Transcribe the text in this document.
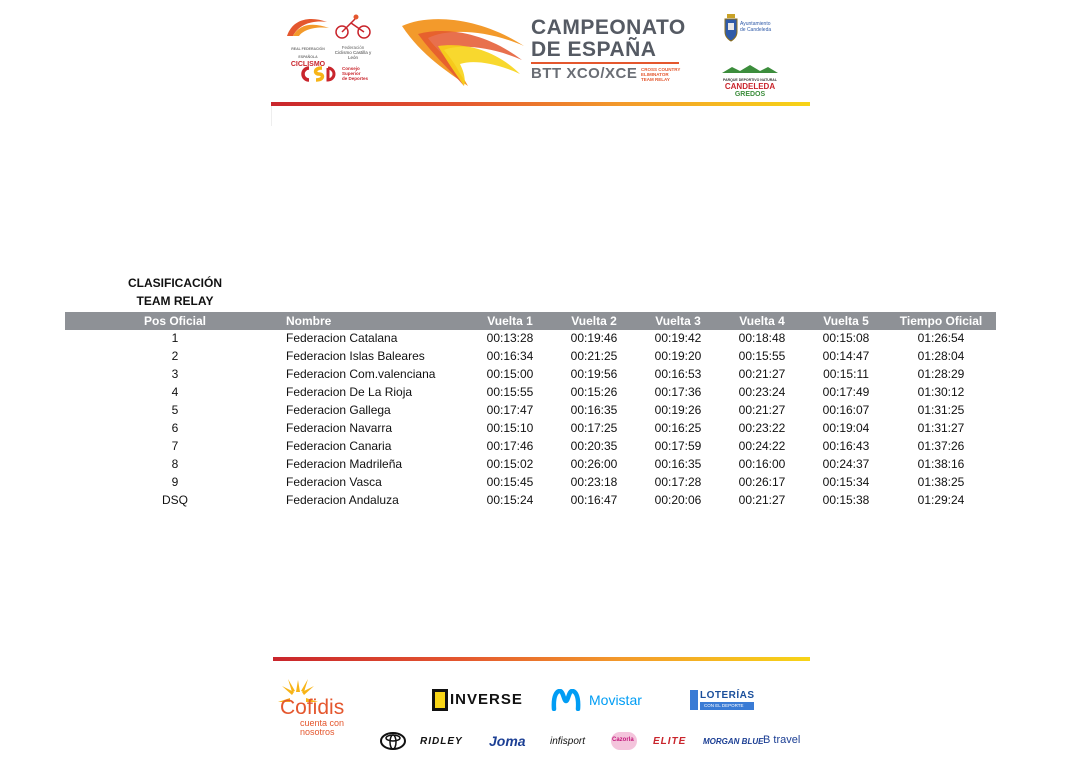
REAL FEDERACIÓN ESPAÑOLA
CICLISMO
Federación
Ciclismo Castilla y León
Consejo
Superior
de Deportes
CAMPEONATO
DE ESPAÑA
BTT XCO/XCE CROSS COUNTRY
ELIMINATOR
TEAM RELAY
Ayuntamiento
de Candeleda
PARQUE DEPORTIVO NATURAL
CANDELEDA
GREDOS
CLASIFICACIÓN
TEAM RELAY
Pos Oficial	Nombre	Vuelta 1	Vuelta 2	Vuelta 3	Vuelta 4	Vuelta 5	Tiempo Oficial
1	Federacion Catalana	00:13:28	00:19:46	00:19:42	00:18:48	00:15:08	01:26:54
2	Federacion Islas Baleares	00:16:34	00:21:25	00:19:20	00:15:55	00:14:47	01:28:04
3	Federacion Com.valenciana	00:15:00	00:19:56	00:16:53	00:21:27	00:15:11	01:28:29
4	Federacion De La Rioja	00:15:55	00:15:26	00:17:36	00:23:24	00:17:49	01:30:12
5	Federacion Gallega	00:17:47	00:16:35	00:19:26	00:21:27	00:16:07	01:31:25
6	Federacion Navarra	00:15:10	00:17:25	00:16:25	00:23:22	00:19:04	01:31:27
7	Federacion Canaria	00:17:46	00:20:35	00:17:59	00:24:22	00:16:43	01:37:26
8	Federacion Madrileña	00:15:02	00:26:00	00:16:35	00:16:00	00:24:37	01:38:16
9	Federacion Vasca	00:15:45	00:23:18	00:17:28	00:26:17	00:15:34	01:38:25
DSQ	Federacion Andaluza	00:15:24	00:16:47	00:20:06	00:21:27	00:15:38	01:29:24
Cofidis
cuenta con
nosotros
INVERSE	Movistar	LOTERÍAS
CON EL DEPORTE
RIDLEY Joma infisport	Cazorla ELITE MORGAN BLUE B travel
